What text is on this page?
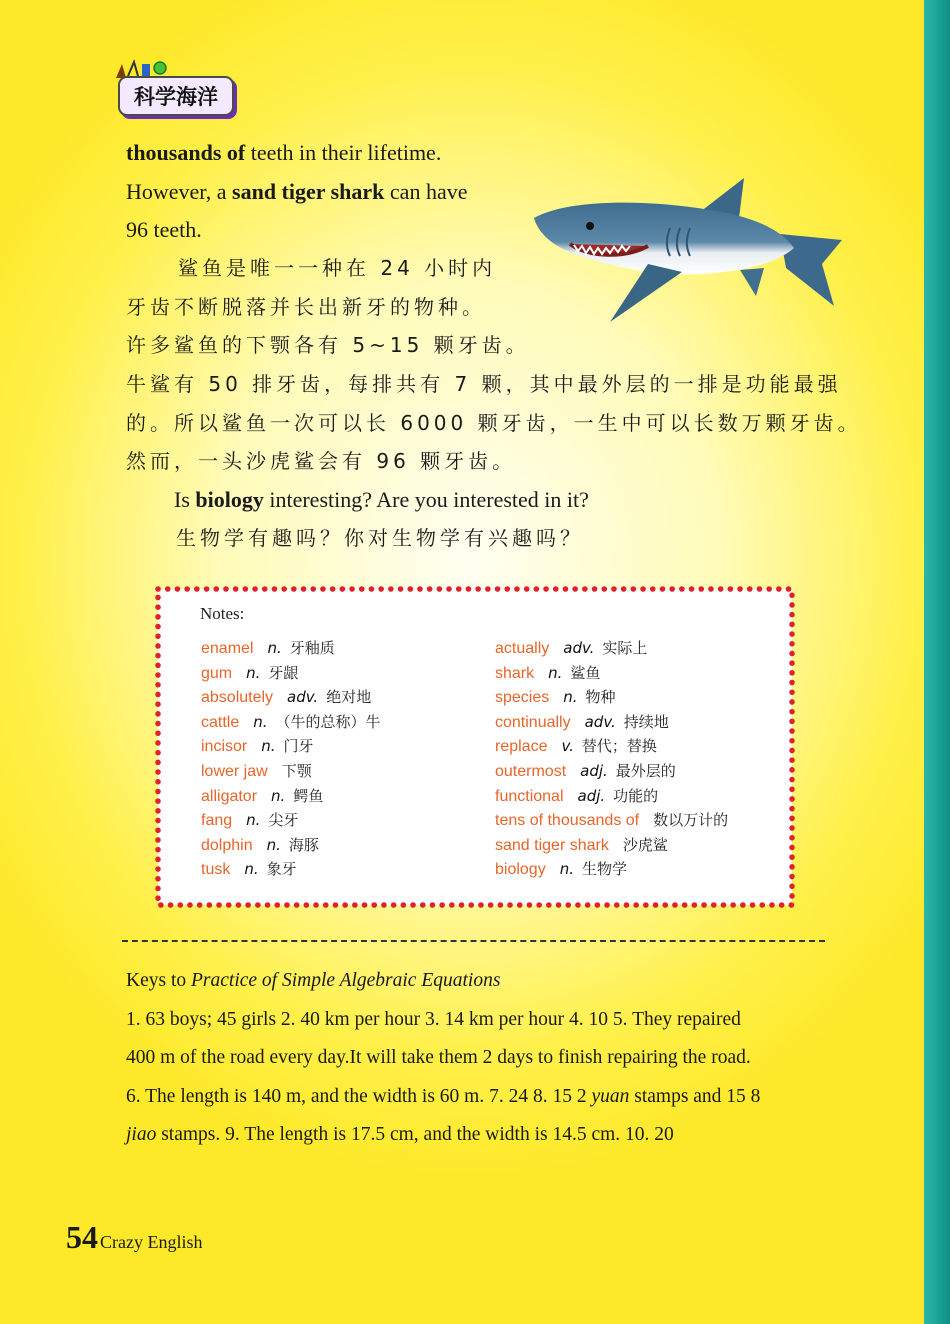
科学海洋

thousands of teeth in their lifetime.
However, a sand tiger shark can have
96 teeth.

鲨鱼是唯一一种在 24 小时内
牙齿不断脱落并长出新牙的物种。
许多鲨鱼的下颚各有 5~15 颗牙齿。

牛鲨有 50 排牙齿，每排共有 7 颗，其中最外层的一排是功能最强
的。所以鲨鱼一次可以长 6000 颗牙齿，一生中可以长数万颗牙齿。
然而，一头沙虎鲨会有 96 颗牙齿。

Is biology interesting? Are you interested in it?

生物学有趣吗？你对生物学有兴趣吗？

Notes:
enamel n. 牙釉质
gum n. 牙龈
absolutely adv. 绝对地
cattle n. （牛的总称）牛
incisor n. 门牙
lower jaw 下颚
alligator n. 鳄鱼
fang n. 尖牙
dolphin n. 海豚
tusk n. 象牙
actually adv. 实际上
shark n. 鲨鱼
species n. 物种
continually adv. 持续地
replace v. 替代；替换
outermost adj. 最外层的
functional adj. 功能的
tens of thousands of 数以万计的
sand tiger shark 沙虎鲨
biology n. 生物学
Keys to Practice of Simple Algebraic Equations
1. 63 boys; 45 girls 2. 40 km per hour 3. 14 km per hour 4. 10 5. They repaired
400 m of the road every day.It will take them 2 days to finish repairing the road.
6. The length is 140 m, and the width is 60 m. 7. 24 8. 15 2 yuan stamps and 15 8
jiao stamps. 9. The length is 17.5 cm, and the width is 14.5 cm. 10. 20
54 Crazy English
